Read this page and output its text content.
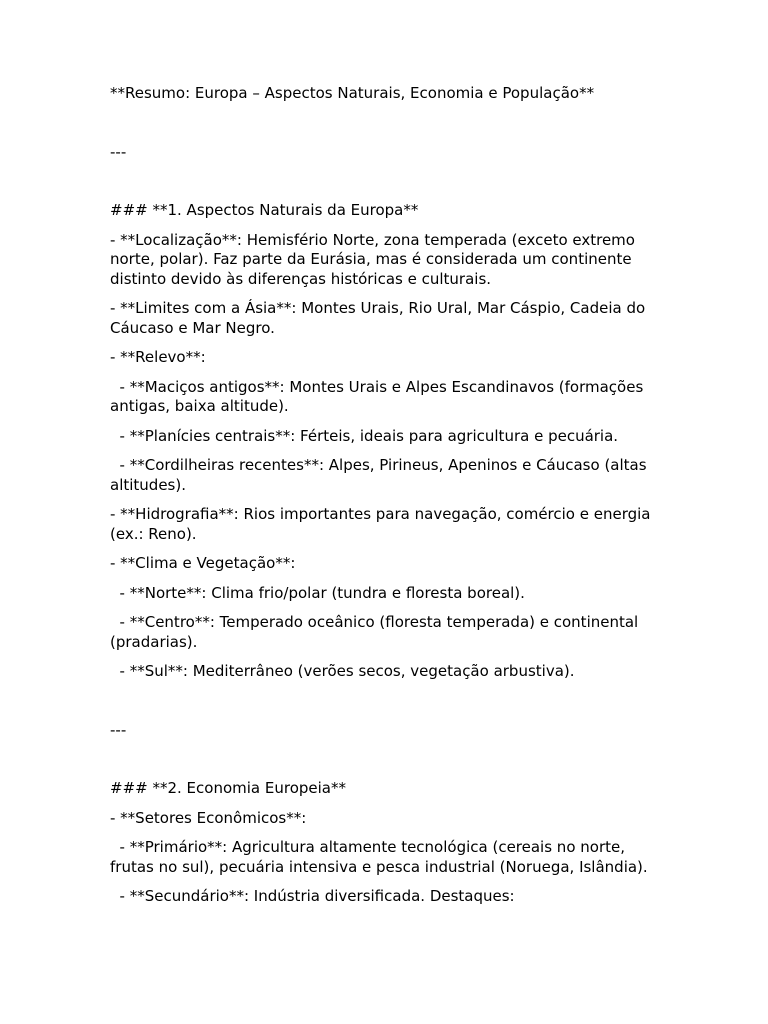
**Resumo: Europa – Aspectos Naturais, Economia e População**

---

### **1. Aspectos Naturais da Europa**

- **Localização**: Hemisfério Norte, zona temperada (exceto extremo norte, polar). Faz parte da Eurásia, mas é considerada um continente distinto devido às diferenças históricas e culturais.

- **Limites com a Ásia**: Montes Urais, Rio Ural, Mar Cáspio, Cadeia do Cáucaso e Mar Negro.

- **Relevo**:

- **Maciços antigos**: Montes Urais e Alpes Escandinavos (formações antigas, baixa altitude).

- **Planícies centrais**: Férteis, ideais para agricultura e pecuária.

- **Cordilheiras recentes**: Alpes, Pirineus, Apeninos e Cáucaso (altas altitudes).

- **Hidrografia**: Rios importantes para navegação, comércio e energia (ex.: Reno).

- **Clima e Vegetação**:

- **Norte**: Clima frio/polar (tundra e floresta boreal).

- **Centro**: Temperado oceânico (floresta temperada) e continental (pradarias).

- **Sul**: Mediterrâneo (verões secos, vegetação arbustiva).

---

### **2. Economia Europeia**

- **Setores Econômicos**:

- **Primário**: Agricultura altamente tecnológica (cereais no norte, frutas no sul), pecuária intensiva e pesca industrial (Noruega, Islândia).

- **Secundário**: Indústria diversificada. Destaques:
